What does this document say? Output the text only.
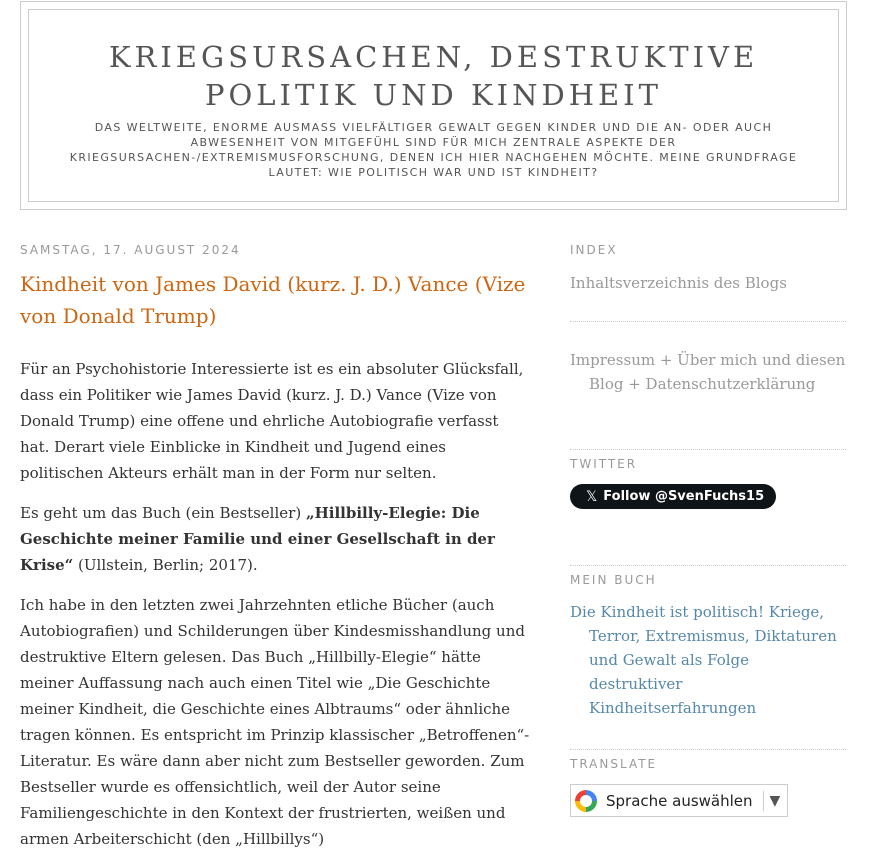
KRIEGSURSACHEN, DESTRUKTIVE POLITIK UND KINDHEIT
DAS WELTWEITE, ENORME AUSMASS VIELFÄLTIGER GEWALT GEGEN KINDER UND DIE AN- ODER AUCH ABWESENHEIT VON MITGEFÜHL SIND FÜR MICH ZENTRALE ASPEKTE DER KRIEGSURSACHEN-/EXTREMISMUSFORSCHUNG, DENEN ICH HIER NACHGEHEN MÖCHTE. MEINE GRUNDFRAGE LAUTET: WIE POLITISCH WAR UND IST KINDHEIT?
SAMSTAG, 17. AUGUST 2024
Kindheit von James David (kurz. J. D.) Vance (Vize von Donald Trump)

Für an Psychohistorie Interessierte ist es ein absoluter Glücksfall, dass ein Politiker wie James David (kurz. J. D.) Vance (Vize von Donald Trump) eine offene und ehrliche Autobiografie verfasst hat. Derart viele Einblicke in Kindheit und Jugend eines politischen Akteurs erhält man in der Form nur selten.

Es geht um das Buch (ein Bestseller) „Hillbilly-Elegie: Die Geschichte meiner Familie und einer Gesellschaft in der Krise“ (Ullstein, Berlin; 2017).

Ich habe in den letzten zwei Jahrzehnten etliche Bücher (auch Autobiografien) und Schilderungen über Kindesmisshandlung und destruktive Eltern gelesen. Das Buch „Hillbilly-Elegie“ hätte meiner Auffassung nach auch einen Titel wie „Die Geschichte meiner Kindheit, die Geschichte eines Albtraums“ oder ähnliche tragen können. Es entspricht im Prinzip klassischer „Betroffenen“-Literatur. Es wäre dann aber nicht zum Bestseller geworden. Zum Bestseller wurde es offensichtlich, weil der Autor seine Familiengeschichte in den Kontext der frustrierten, weißen und armen Arbeiterschicht (den „Hillbillys“)

INDEX
Inhaltsverzeichnis des Blogs
Impressum + Über mich und diesen Blog + Datenschutzerklärung
TWITTER
𝕏 Follow @SvenFuchs15
MEIN BUCH
Die Kindheit ist politisch! Kriege, Terror, Extremismus, Diktaturen und Gewalt als Folge destruktiver Kindheitserfahrungen
TRANSLATE
Sprache auswählen ▼
